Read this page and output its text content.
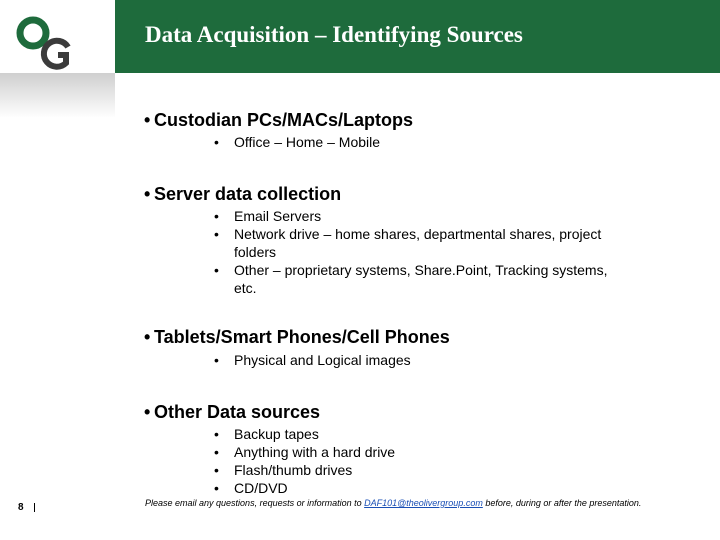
Data Acquisition – Identifying Sources
• Custodian PCs/MACs/Laptops
• Office – Home – Mobile
• Server data collection
• Email Servers
• Network drive – home shares, departmental shares, project folders
• Other – proprietary systems, Share.Point, Tracking systems, etc.
• Tablets/Smart Phones/Cell Phones
• Physical and Logical images
• Other Data sources
• Backup tapes
• Anything with a hard drive
• Flash/thumb drives
• CD/DVD
8	Please email any questions, requests or information to DAF101@theolivergroup.com before, during or after the presentation.
